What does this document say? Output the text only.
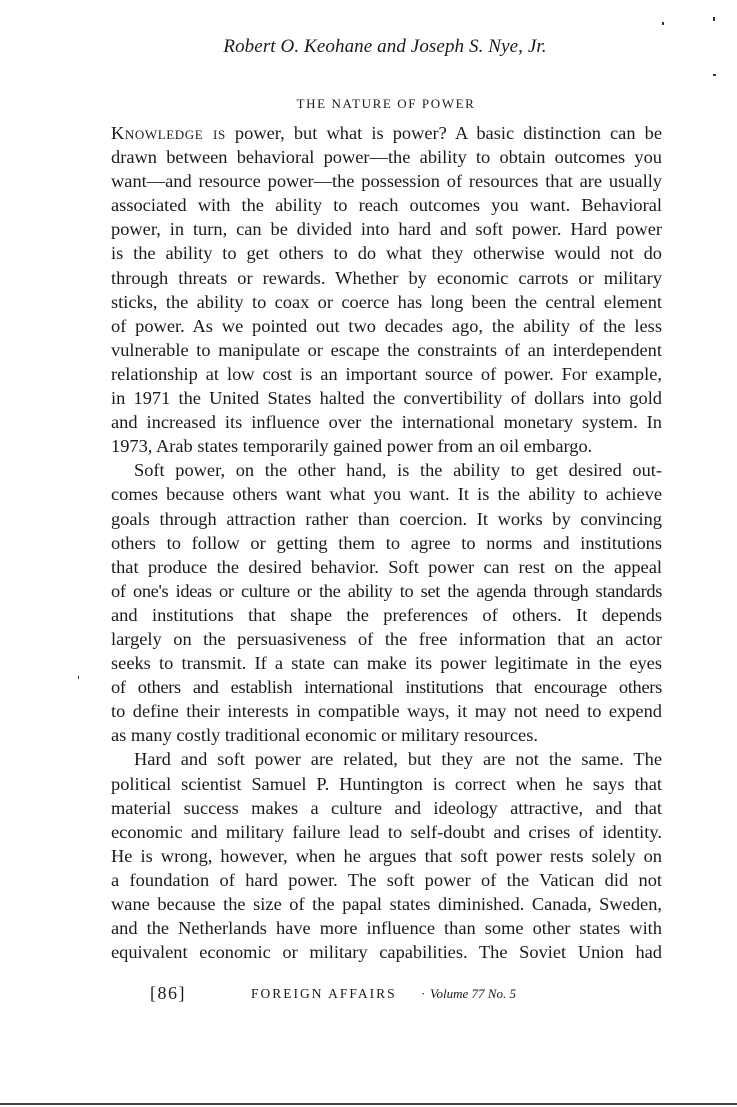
Robert O. Keohane and Joseph S. Nye, Jr.
THE NATURE OF POWER
Knowledge is power, but what is power? A basic distinction can be
drawn between behavioral power—the ability to obtain outcomes you
want—and resource power—the possession of resources that are usually
associated with the ability to reach outcomes you want. Behavioral
power, in turn, can be divided into hard and soft power. Hard power
is the ability to get others to do what they otherwise would not do
through threats or rewards. Whether by economic carrots or military
sticks, the ability to coax or coerce has long been the central element
of power. As we pointed out two decades ago, the ability of the less
vulnerable to manipulate or escape the constraints of an interdependent
relationship at low cost is an important source of power. For example,
in 1971 the United States halted the convertibility of dollars into gold
and increased its influence over the international monetary system. In
1973, Arab states temporarily gained power from an oil embargo.
Soft power, on the other hand, is the ability to get desired out-
comes because others want what you want. It is the ability to achieve
goals through attraction rather than coercion. It works by convincing
others to follow or getting them to agree to norms and institutions
that produce the desired behavior. Soft power can rest on the appeal
of one's ideas or culture or the ability to set the agenda through standards
and institutions that shape the preferences of others. It depends
largely on the persuasiveness of the free information that an actor
seeks to transmit. If a state can make its power legitimate in the eyes
of others and establish international institutions that encourage others
to define their interests in compatible ways, it may not need to expend
as many costly traditional economic or military resources.
Hard and soft power are related, but they are not the same. The
political scientist Samuel P. Huntington is correct when he says that
material success makes a culture and ideology attractive, and that
economic and military failure lead to self-doubt and crises of identity.
He is wrong, however, when he argues that soft power rests solely on
a foundation of hard power. The soft power of the Vatican did not
wane because the size of the papal states diminished. Canada, Sweden,
and the Netherlands have more influence than some other states with
equivalent economic or military capabilities. The Soviet Union had
[86]	FOREIGN AFFAIRS · Volume 77 No. 5
